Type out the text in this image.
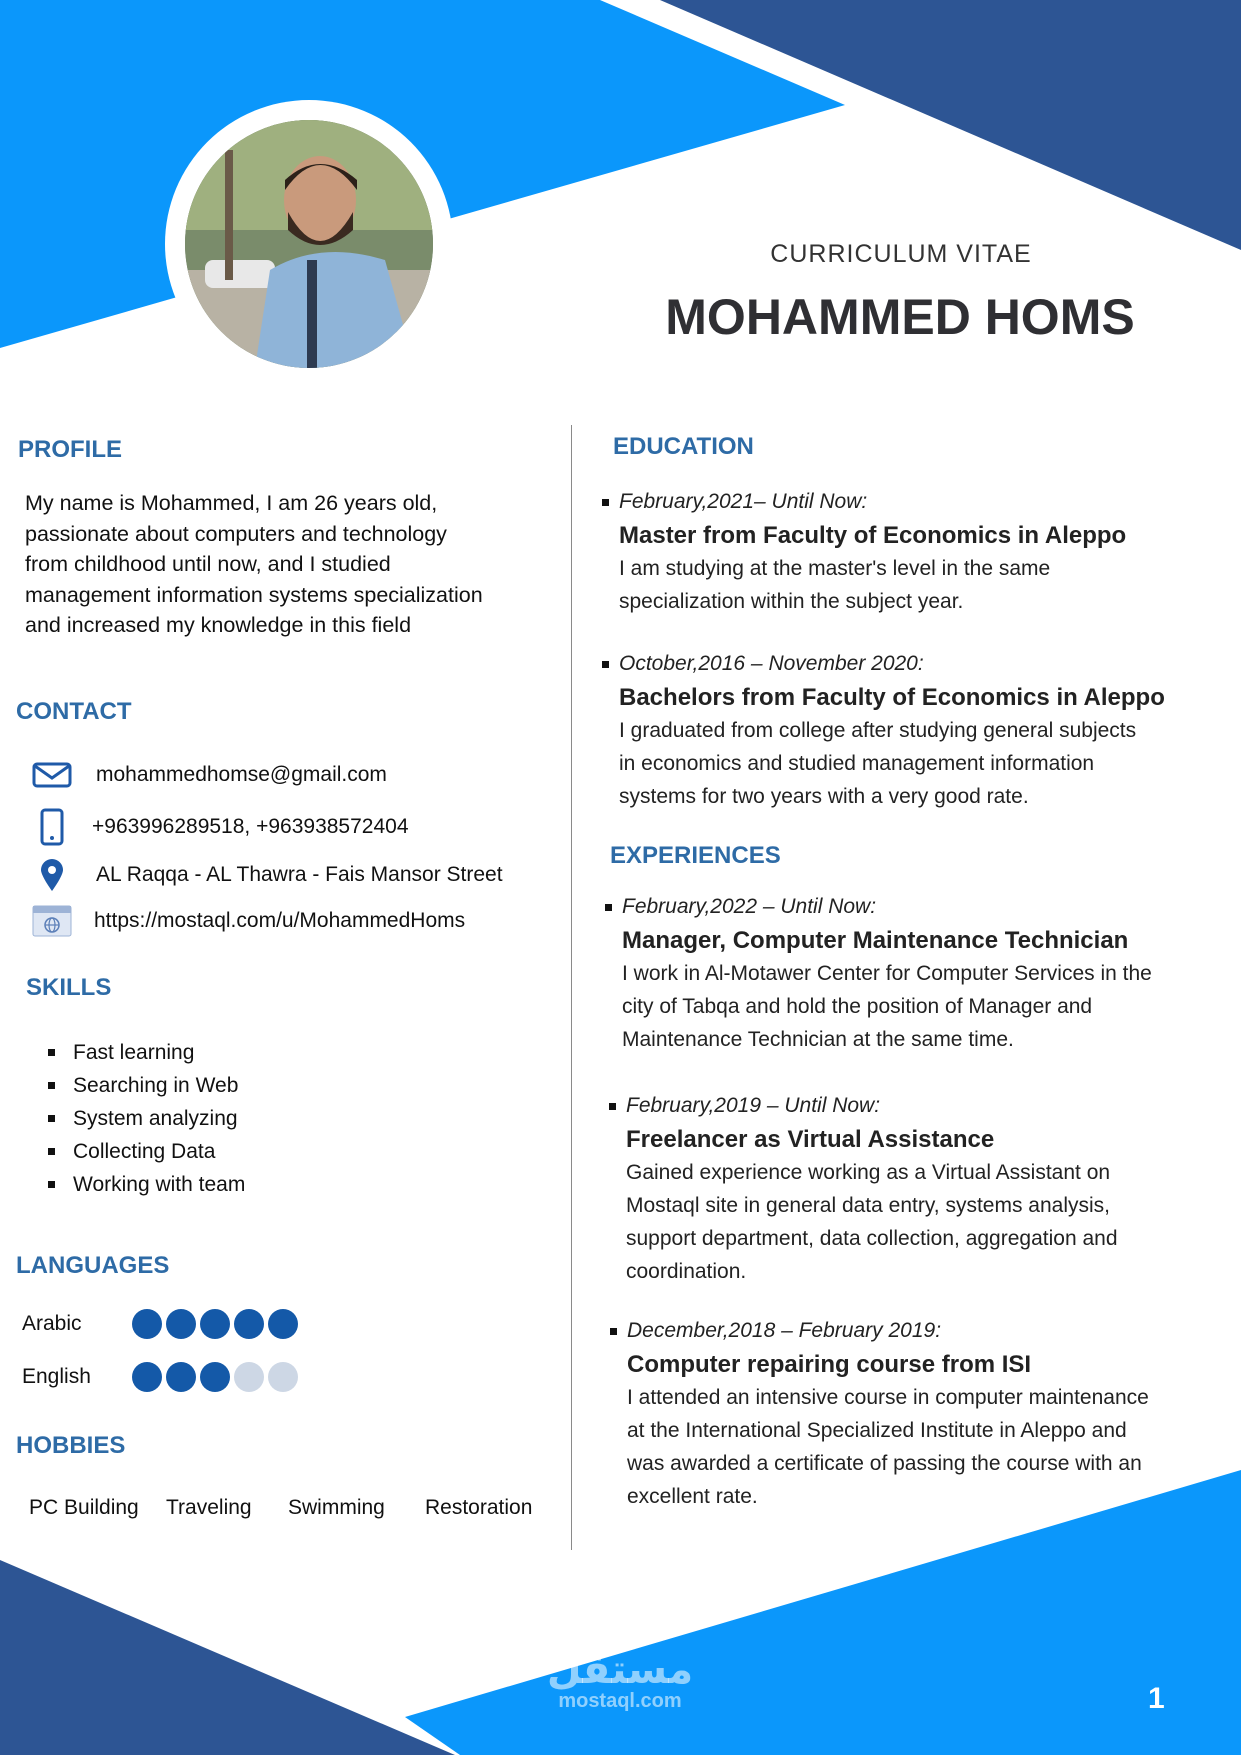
CURRICULUM VITAE
MOHAMMED HOMS
PROFILE
My name is Mohammed, I am 26 years old,
passionate about computers and technology
from childhood until now, and I studied
management information systems specialization
and increased my knowledge in this field
CONTACT
mohammedhomse@gmail.com
+963996289518, +963938572404
AL Raqqa - AL Thawra - Fais Mansor Street
https://mostaql.com/u/MohammedHoms
SKILLS
Fast learning
Searching in Web
System analyzing
Collecting Data
Working with team
LANGUAGES
Arabic
English
HOBBIES
PC Building Traveling Swimming Restoration
EDUCATION
February,2021– Until Now:
Master from Faculty of Economics in Aleppo
I am studying at the master's level in the same
specialization within the subject year.
October,2016 – November 2020:
Bachelors from Faculty of Economics in Aleppo
I graduated from college after studying general subjects
in economics and studied management information
systems for two years with a very good rate.
EXPERIENCES
February,2022 – Until Now:
Manager, Computer Maintenance Technician
I work in Al-Motawer Center for Computer Services in the
city of Tabqa and hold the position of Manager and
Maintenance Technician at the same time.
February,2019 – Until Now:
Freelancer as Virtual Assistance
Gained experience working as a Virtual Assistant on
Mostaql site in general data entry, systems analysis,
support department, data collection, aggregation and
coordination.
December,2018 – February 2019:
Computer repairing course from ISI
I attended an intensive course in computer maintenance
at the International Specialized Institute in Aleppo and
was awarded a certificate of passing the course with an
excellent rate.
مستقل
mostaql.com	1
